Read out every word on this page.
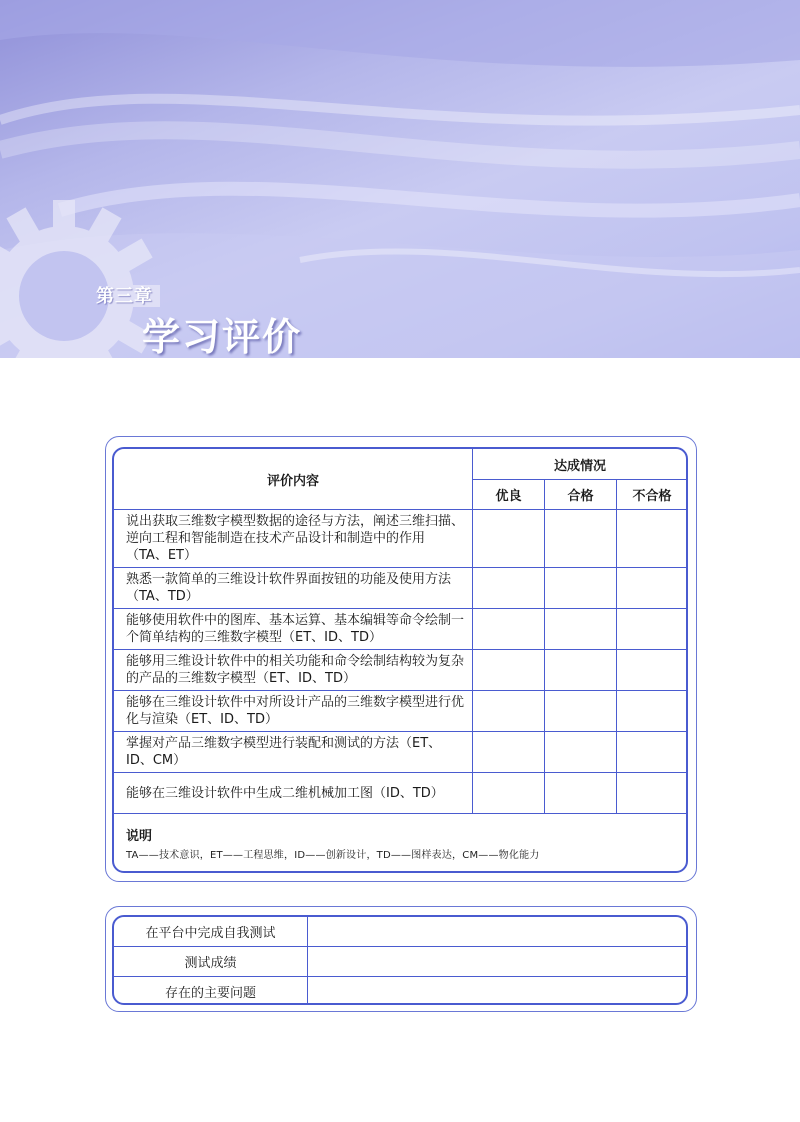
第三章
学习评价
评价内容	达成情况		
	优良	合格	不合格
说出获取三维数字模型数据的途径与方法，阐述三维扫描、逆向工程和智能制造在技术产品设计和制造中的作用（TA、ET）			
熟悉一款简单的三维设计软件界面按钮的功能及使用方法（TA、TD）			
能够使用软件中的图库、基本运算、基本编辑等命令绘制一个简单结构的三维数字模型（ET、ID、TD）			
能够用三维设计软件中的相关功能和命令绘制结构较为复杂的产品的三维数字模型（ET、ID、TD）			
能够在三维设计软件中对所设计产品的三维数字模型进行优化与渲染（ET、ID、TD）			
掌握对产品三维数字模型进行装配和测试的方法（ET、ID、CM）			
能够在三维设计软件中生成二维机械加工图（ID、TD）			
说明
TA——技术意识，ET——工程思维，ID——创新设计，TD——图样表达，CM——物化能力
在平台中完成自我测试	
测试成绩	
存在的主要问题	
